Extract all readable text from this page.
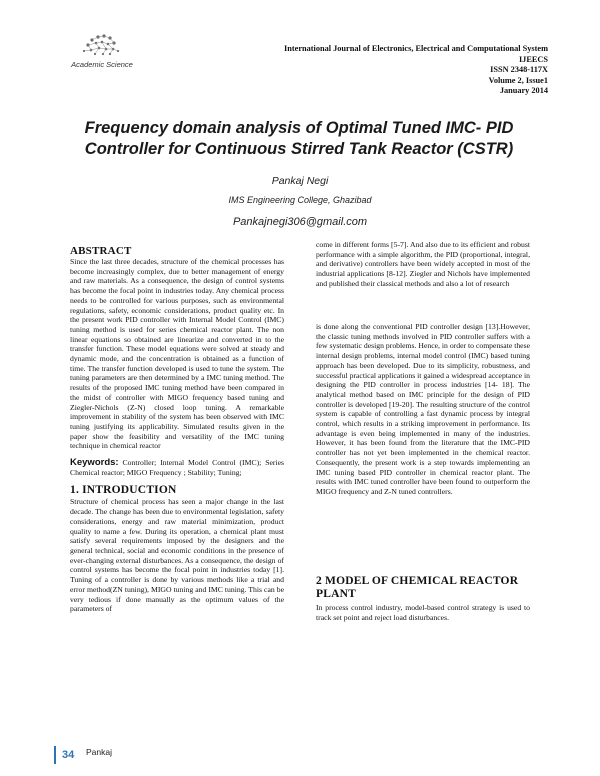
Academic Science
International Journal of Electronics, Electrical and Computational System
IJEECS
ISSN 2348-117X
Volume 2, Issue1
January 2014
Frequency domain analysis of Optimal Tuned IMC- PID
Controller for Continuous Stirred Tank Reactor (CSTR)
Pankaj Negi
IMS Engineering College, Ghazibad
Pankajnegi306@gmail.com
ABSTRACT

Since the last three decades, structure of the chemical processes has become increasingly complex, due to better management of energy and raw materials. As a consequence, the design of control systems has become the focal point in industries today. Any chemical process needs to be controlled for various purposes, such as environmental regulations, safety, economic considerations, product quality etc. In the present work PID controller with Internal Model Control (IMC) tuning method is used for series chemical reactor plant. The non linear equations so obtained are linearize and converted in to the transfer function. These model equations were solved at steady and dynamic mode, and the concentration is obtained as a function of time. The transfer function developed is used to tune the system. The tuning parameters are then determined by a IMC tuning method. The results of the proposed IMC tuning method have been compared in the midst of controller with MIGO frequency based tuning and Ziegler-Nichols (Z-N) closed loop tuning. A remarkable improvement in stability of the system has been observed with IMC tuning justifying its applicability. Simulated results given in the paper show the feasibility and versatility of the IMC tuning technique in chemical reactor

Keywords: Controller; Internal Model Control (IMC); Series Chemical reactor; MIGO Frequency ; Stability; Tuning;

1. INTRODUCTION

Structure of chemical process has seen a major change in the last decade. The change has been due to environmental legislation, safety considerations, energy and raw material minimization, product quality to name a few. During its operation, a chemical plant must satisfy several requirements imposed by the designers and the general technical, social and economic conditions in the presence of ever-changing external disturbances. As a consequence, the design of control systems has become the focal point in industries today [1]. Tuning of a controller is done by various methods like a trial and error method(ZN tuning), MIGO tuning and IMC tuning. This can be very tedious if done manually as the optimum values of the parameters of

come in different forms [5-7]. And also due to its efficient and robust performance with a simple algorithm, the PID (proportional, integral, and derivative) controllers have been widely accepted in most of the industrial applications [8-12]. Ziegler and Nichols have implemented and published their classical methods and also a lot of research

is done along the conventional PID controller design [13].However, the classic tuning methods involved in PID controller suffers with a few systematic design problems. Hence, in order to compensate these internal design problems, internal model control (IMC) based tuning approach has been developed. Due to its simplicity, robustness, and successful practical applications it gained a widespread acceptance in designing the PID controller in process industries [14- 18]. The analytical method based on IMC principle for the design of PID controller is developed [19-20]. The resulting structure of the control system is capable of controlling a fast dynamic process by integral control, which results in a striking improvement in performance. Its advantage is even being implemented in many of the industries. However, it has been found from the literature that the IMC-PID controller has not yet been implemented in the chemical reactor. Consequently, the present work is a step towards implementing an IMC tuning based PID controller in chemical reactor plant. The results with IMC tuned controller have been found to outperform the MIGO frequency and Z-N tuned controllers.

2 MODEL OF CHEMICAL REACTOR PLANT

In process control industry, model-based control strategy is used to track set point and reject load disturbances.

34 Pankaj
